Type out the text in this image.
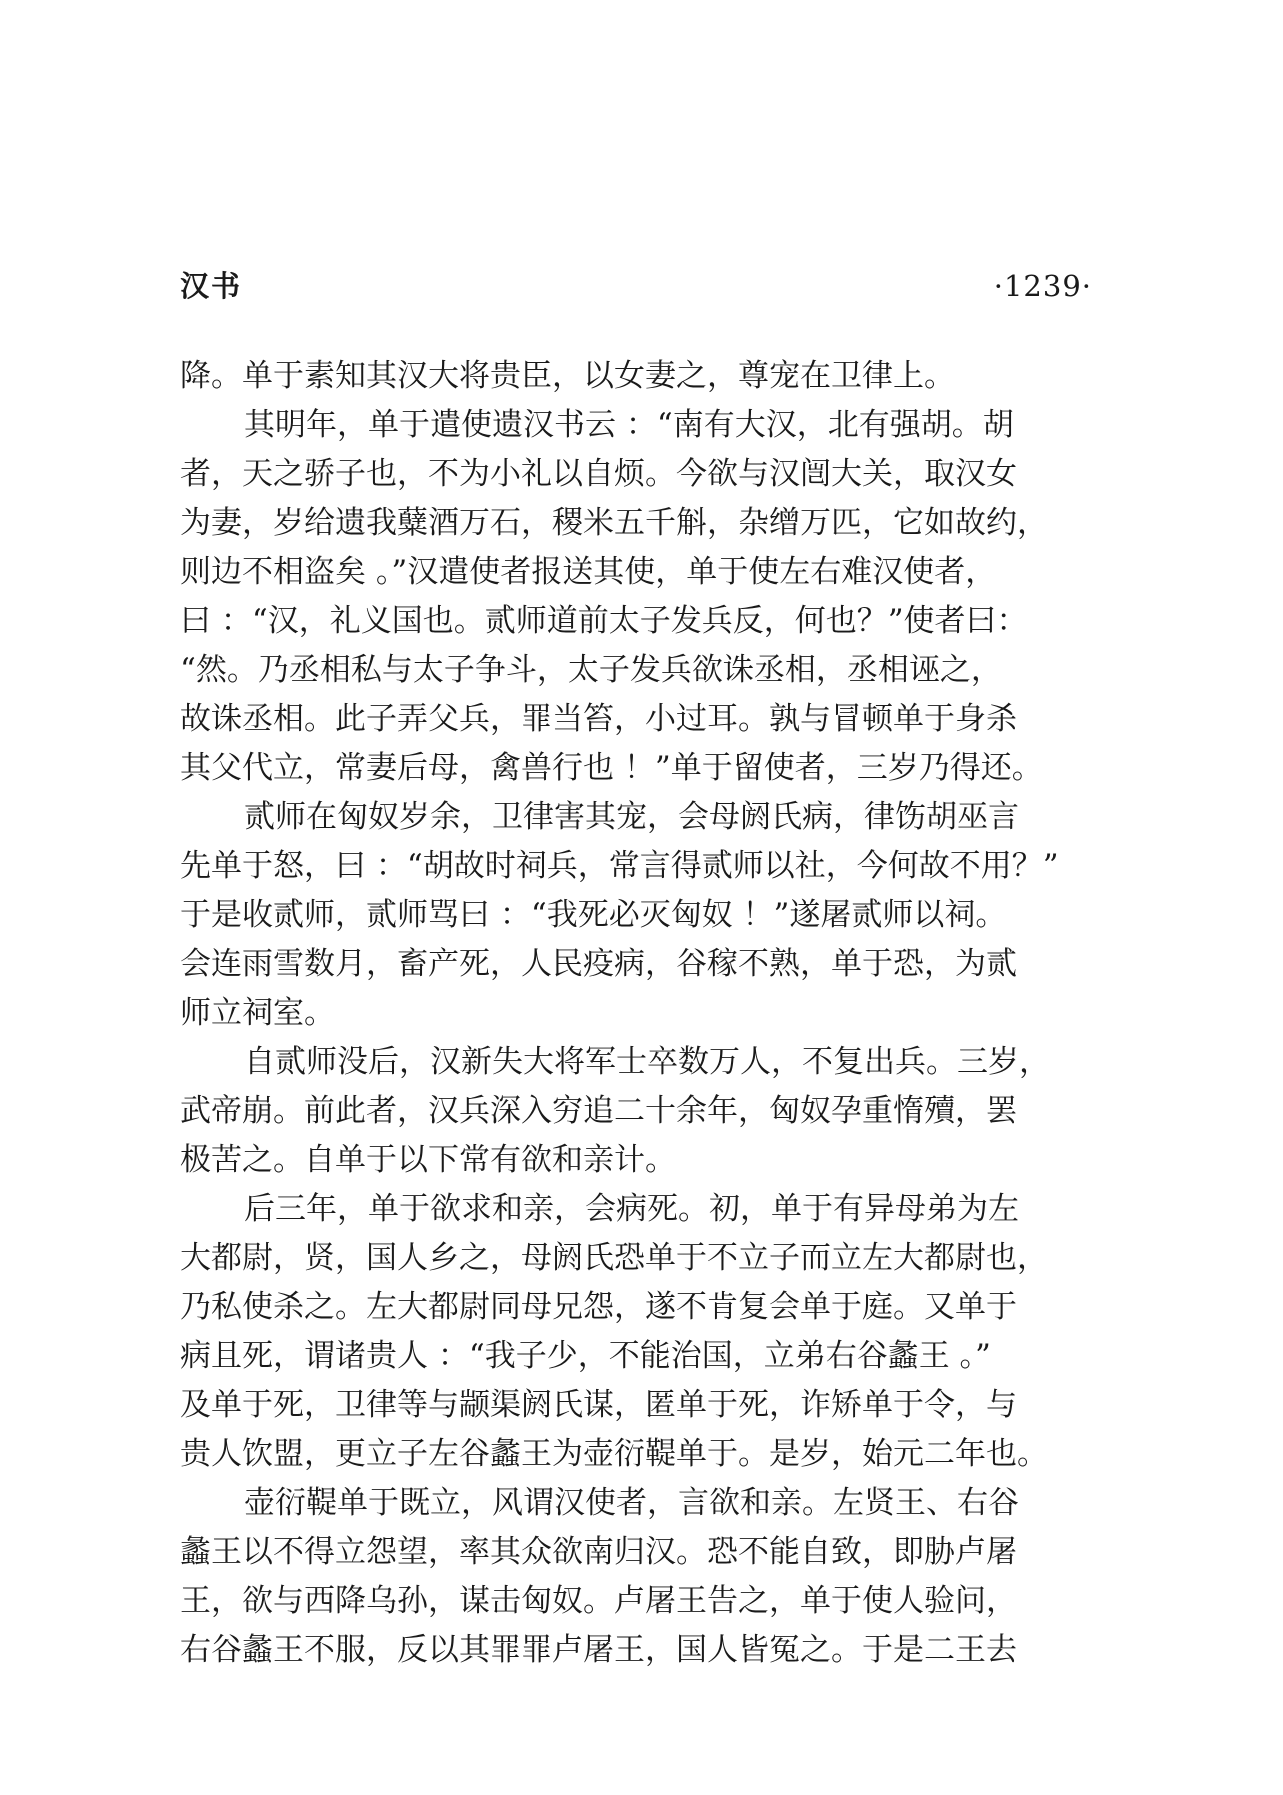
汉书	·1239·
降。单于素知其汉大将贵臣，以女妻之，尊宠在卫律上。
其明年，单于遣使遗汉书云 ：“南有大汉，北有强胡。胡
者，天之骄子也，不为小礼以自烦。今欲与汉闿大关，取汉女
为妻，岁给遗我糵酒万石，稷米五千斛，杂缯万匹，它如故约，
则边不相盗矣 。”汉遣使者报送其使，单于使左右难汉使者，
曰 ：“汉，礼义国也。贰师道前太子发兵反，何也？”使者曰：
“然。乃丞相私与太子争斗，太子发兵欲诛丞相，丞相诬之，
故诛丞相。此子弄父兵，罪当笞，小过耳。孰与冒顿单于身杀
其父代立，常妻后母，禽兽行也 ！”单于留使者，三岁乃得还。
贰师在匈奴岁余，卫律害其宠，会母阏氏病，律饬胡巫言
先单于怒，曰 ：“胡故时祠兵，常言得贰师以社，今何故不用？”
于是收贰师，贰师骂曰 ：“我死必灭匈奴 ！”遂屠贰师以祠。
会连雨雪数月，畜产死，人民疫病，谷稼不熟，单于恐，为贰
师立祠室。
自贰师没后，汉新失大将军士卒数万人，不复出兵。三岁，
武帝崩。前此者，汉兵深入穷追二十余年，匈奴孕重惰殰，罢
极苦之。自单于以下常有欲和亲计。
后三年，单于欲求和亲，会病死。初，单于有异母弟为左
大都尉，贤，国人乡之，母阏氏恐单于不立子而立左大都尉也，
乃私使杀之。左大都尉同母兄怨，遂不肯复会单于庭。又单于
病且死，谓诸贵人 ：“我子少，不能治国，立弟右谷蠡王 。”
及单于死，卫律等与颛渠阏氏谋，匿单于死，诈矫单于令，与
贵人饮盟，更立子左谷蠡王为壶衍鞮单于。是岁，始元二年也。
壶衍鞮单于既立，风谓汉使者，言欲和亲。左贤王、右谷
蠡王以不得立怨望，率其众欲南归汉。恐不能自致，即胁卢屠
王，欲与西降乌孙，谋击匈奴。卢屠王告之，单于使人验问，
右谷蠡王不服，反以其罪罪卢屠王，国人皆冤之。于是二王去
